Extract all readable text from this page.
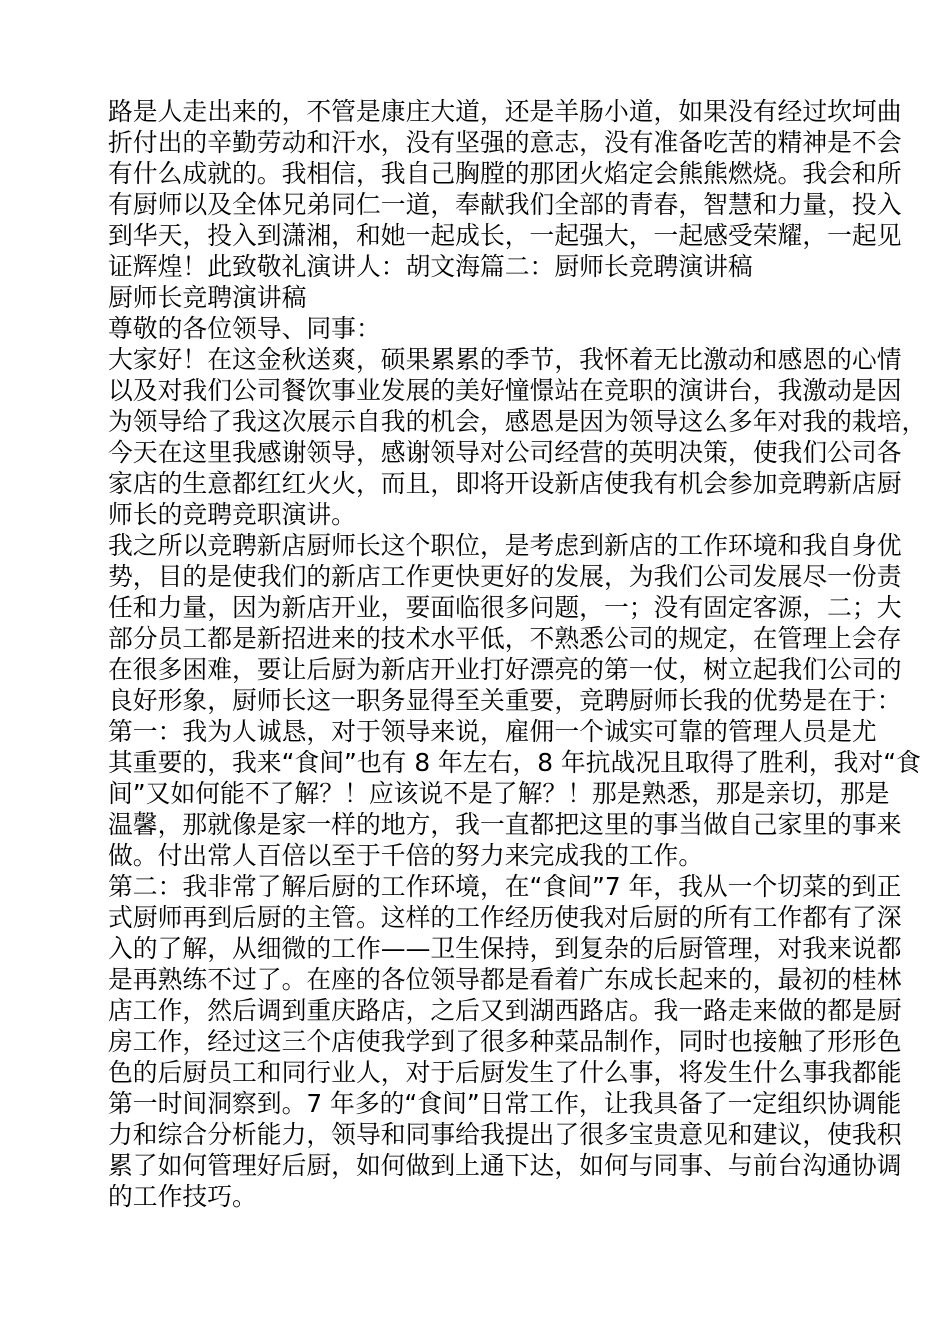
路是人走出来的，不管是康庄大道，还是羊肠小道，如果没有经过坎坷曲
折付出的辛勤劳动和汗水，没有坚强的意志，没有准备吃苦的精神是不会
有什么成就的。我相信，我自己胸膛的那团火焰定会熊熊燃烧。我会和所
有厨师以及全体兄弟同仁一道，奉献我们全部的青春，智慧和力量，投入
到华天，投入到潇湘，和她一起成长，一起强大，一起感受荣耀，一起见
证辉煌！此致敬礼演讲人：胡文海篇二：厨师长竞聘演讲稿
厨师长竞聘演讲稿
尊敬的各位领导、同事：
大家好！在这金秋送爽，硕果累累的季节，我怀着无比激动和感恩的心情
以及对我们公司餐饮事业发展的美好憧憬站在竞职的演讲台，我激动是因
为领导给了我这次展示自我的机会，感恩是因为领导这么多年对我的栽培，
今天在这里我感谢领导，感谢领导对公司经营的英明决策，使我们公司各
家店的生意都红红火火，而且，即将开设新店使我有机会参加竞聘新店厨
师长的竞聘竞职演讲。
我之所以竞聘新店厨师长这个职位，是考虑到新店的工作环境和我自身优
势，目的是使我们的新店工作更快更好的发展，为我们公司发展尽一份责
任和力量，因为新店开业，要面临很多问题，一；没有固定客源，二；大
部分员工都是新招进来的技术水平低，不熟悉公司的规定，在管理上会存
在很多困难，要让后厨为新店开业打好漂亮的第一仗，树立起我们公司的
良好形象，厨师长这一职务显得至关重要，竞聘厨师长我的优势是在于：
第一：我为人诚恳，对于领导来说，雇佣一个诚实可靠的管理人员是尤
其重要的，我来“食间”也有 8 年左右，8 年抗战况且取得了胜利，我对“食
间”又如何能不了解？！应该说不是了解？！那是熟悉，那是亲切，那是
温馨，那就像是家一样的地方，我一直都把这里的事当做自己家里的事来
做。付出常人百倍以至于千倍的努力来完成我的工作。
第二：我非常了解后厨的工作环境，在“食间”7 年，我从一个切菜的到正
式厨师再到后厨的主管。这样的工作经历使我对后厨的所有工作都有了深
入的了解，从细微的工作——卫生保持，到复杂的后厨管理，对我来说都
是再熟练不过了。在座的各位领导都是看着广东成长起来的，最初的桂林
店工作，然后调到重庆路店，之后又到湖西路店。我一路走来做的都是厨
房工作，经过这三个店使我学到了很多种菜品制作，同时也接触了形形色
色的后厨员工和同行业人，对于后厨发生了什么事，将发生什么事我都能
第一时间洞察到。7 年多的“食间”日常工作，让我具备了一定组织协调能
力和综合分析能力，领导和同事给我提出了很多宝贵意见和建议，使我积
累了如何管理好后厨，如何做到上通下达，如何与同事、与前台沟通协调
的工作技巧。
